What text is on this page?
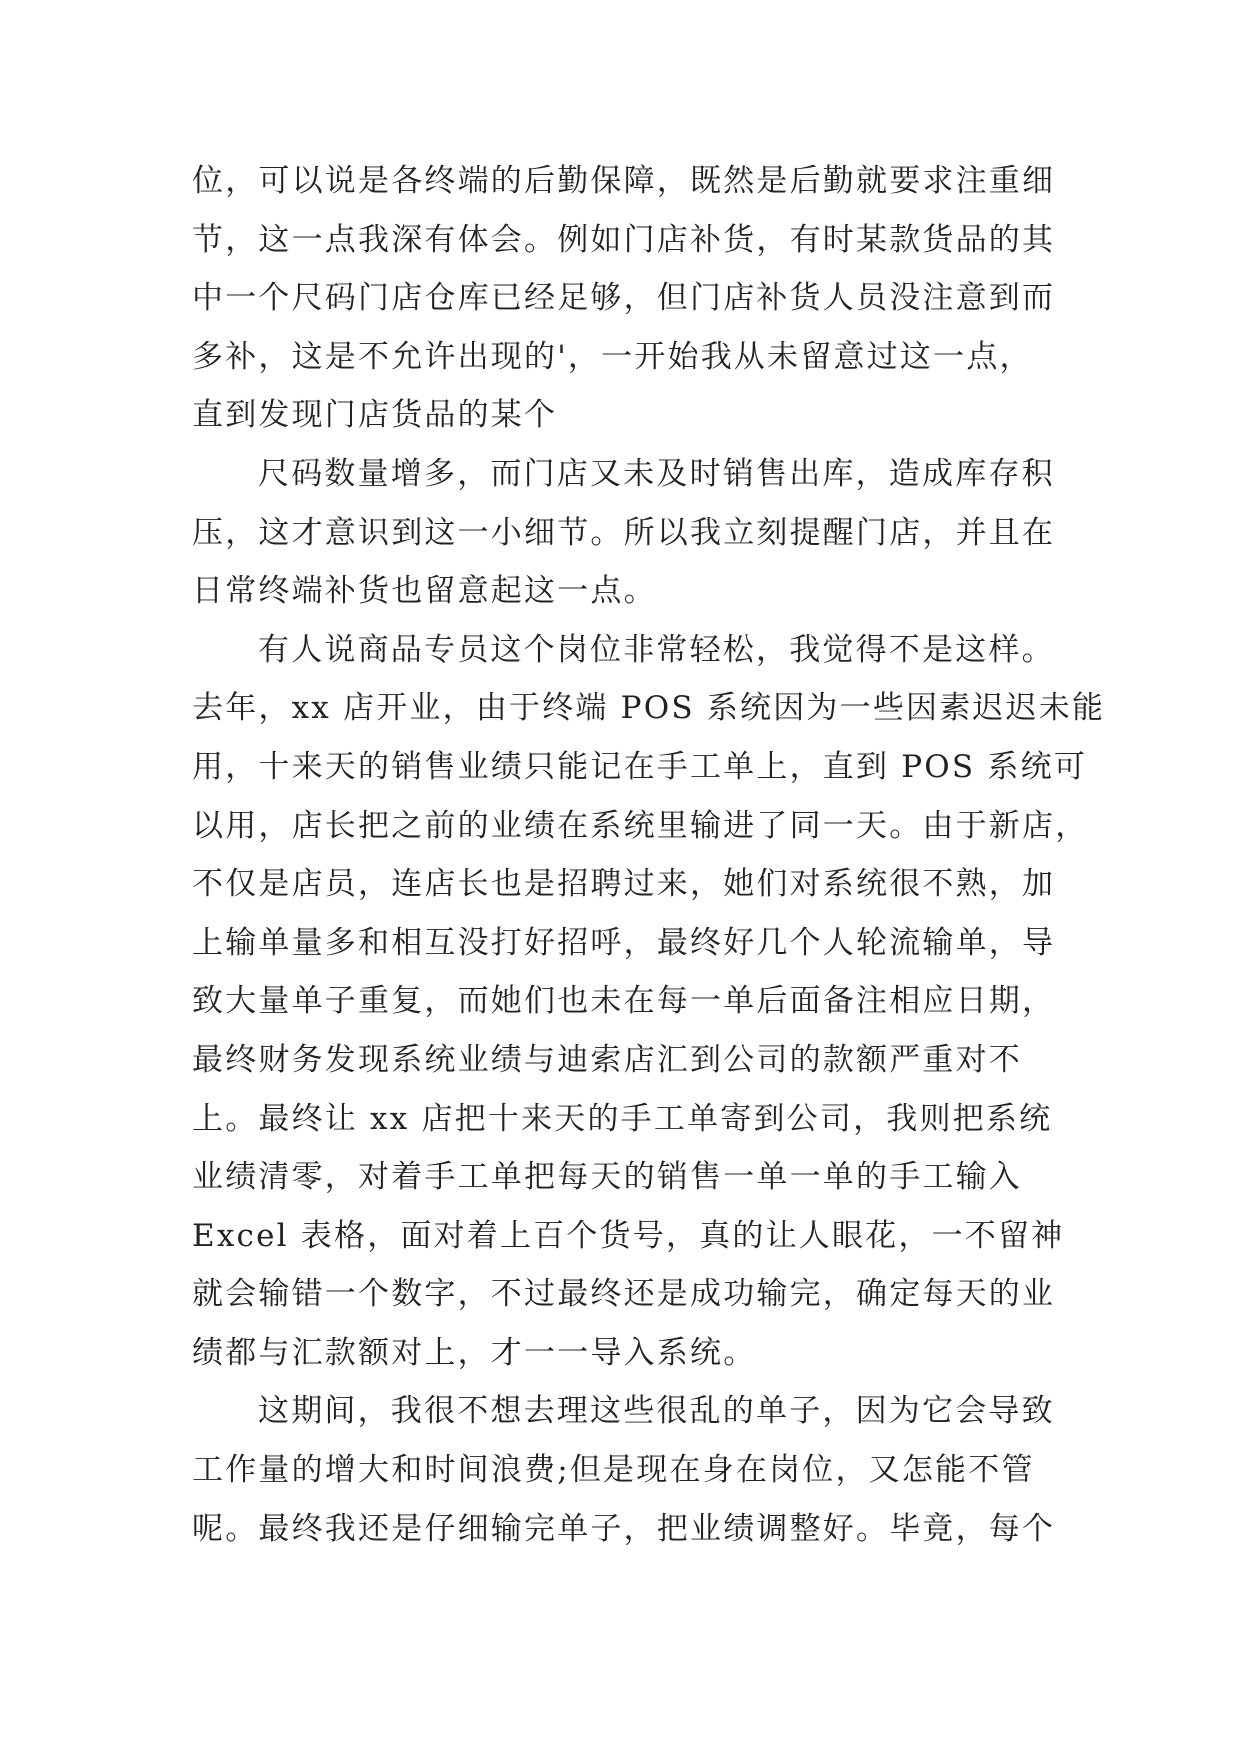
位，可以说是各终端的后勤保障，既然是后勤就要求注重细
节，这一点我深有体会。例如门店补货，有时某款货品的其
中一个尺码门店仓库已经足够，但门店补货人员没注意到而
多补，这是不允许出现的'，一开始我从未留意过这一点，
直到发现门店货品的某个
尺码数量增多，而门店又未及时销售出库，造成库存积
压，这才意识到这一小细节。所以我立刻提醒门店，并且在
日常终端补货也留意起这一点。
有人说商品专员这个岗位非常轻松，我觉得不是这样。
去年，xx 店开业，由于终端 POS 系统因为一些因素迟迟未能
用，十来天的销售业绩只能记在手工单上，直到 POS 系统可
以用，店长把之前的业绩在系统里输进了同一天。由于新店，
不仅是店员，连店长也是招聘过来，她们对系统很不熟，加
上输单量多和相互没打好招呼，最终好几个人轮流输单，导
致大量单子重复，而她们也未在每一单后面备注相应日期，
最终财务发现系统业绩与迪索店汇到公司的款额严重对不
上。最终让 xx 店把十来天的手工单寄到公司，我则把系统
业绩清零，对着手工单把每天的销售一单一单的手工输入
Excel 表格，面对着上百个货号，真的让人眼花，一不留神
就会输错一个数字，不过最终还是成功输完，确定每天的业
绩都与汇款额对上，才一一导入系统。
这期间，我很不想去理这些很乱的单子，因为它会导致
工作量的增大和时间浪费;但是现在身在岗位，又怎能不管
呢。最终我还是仔细输完单子，把业绩调整好。毕竟，每个
